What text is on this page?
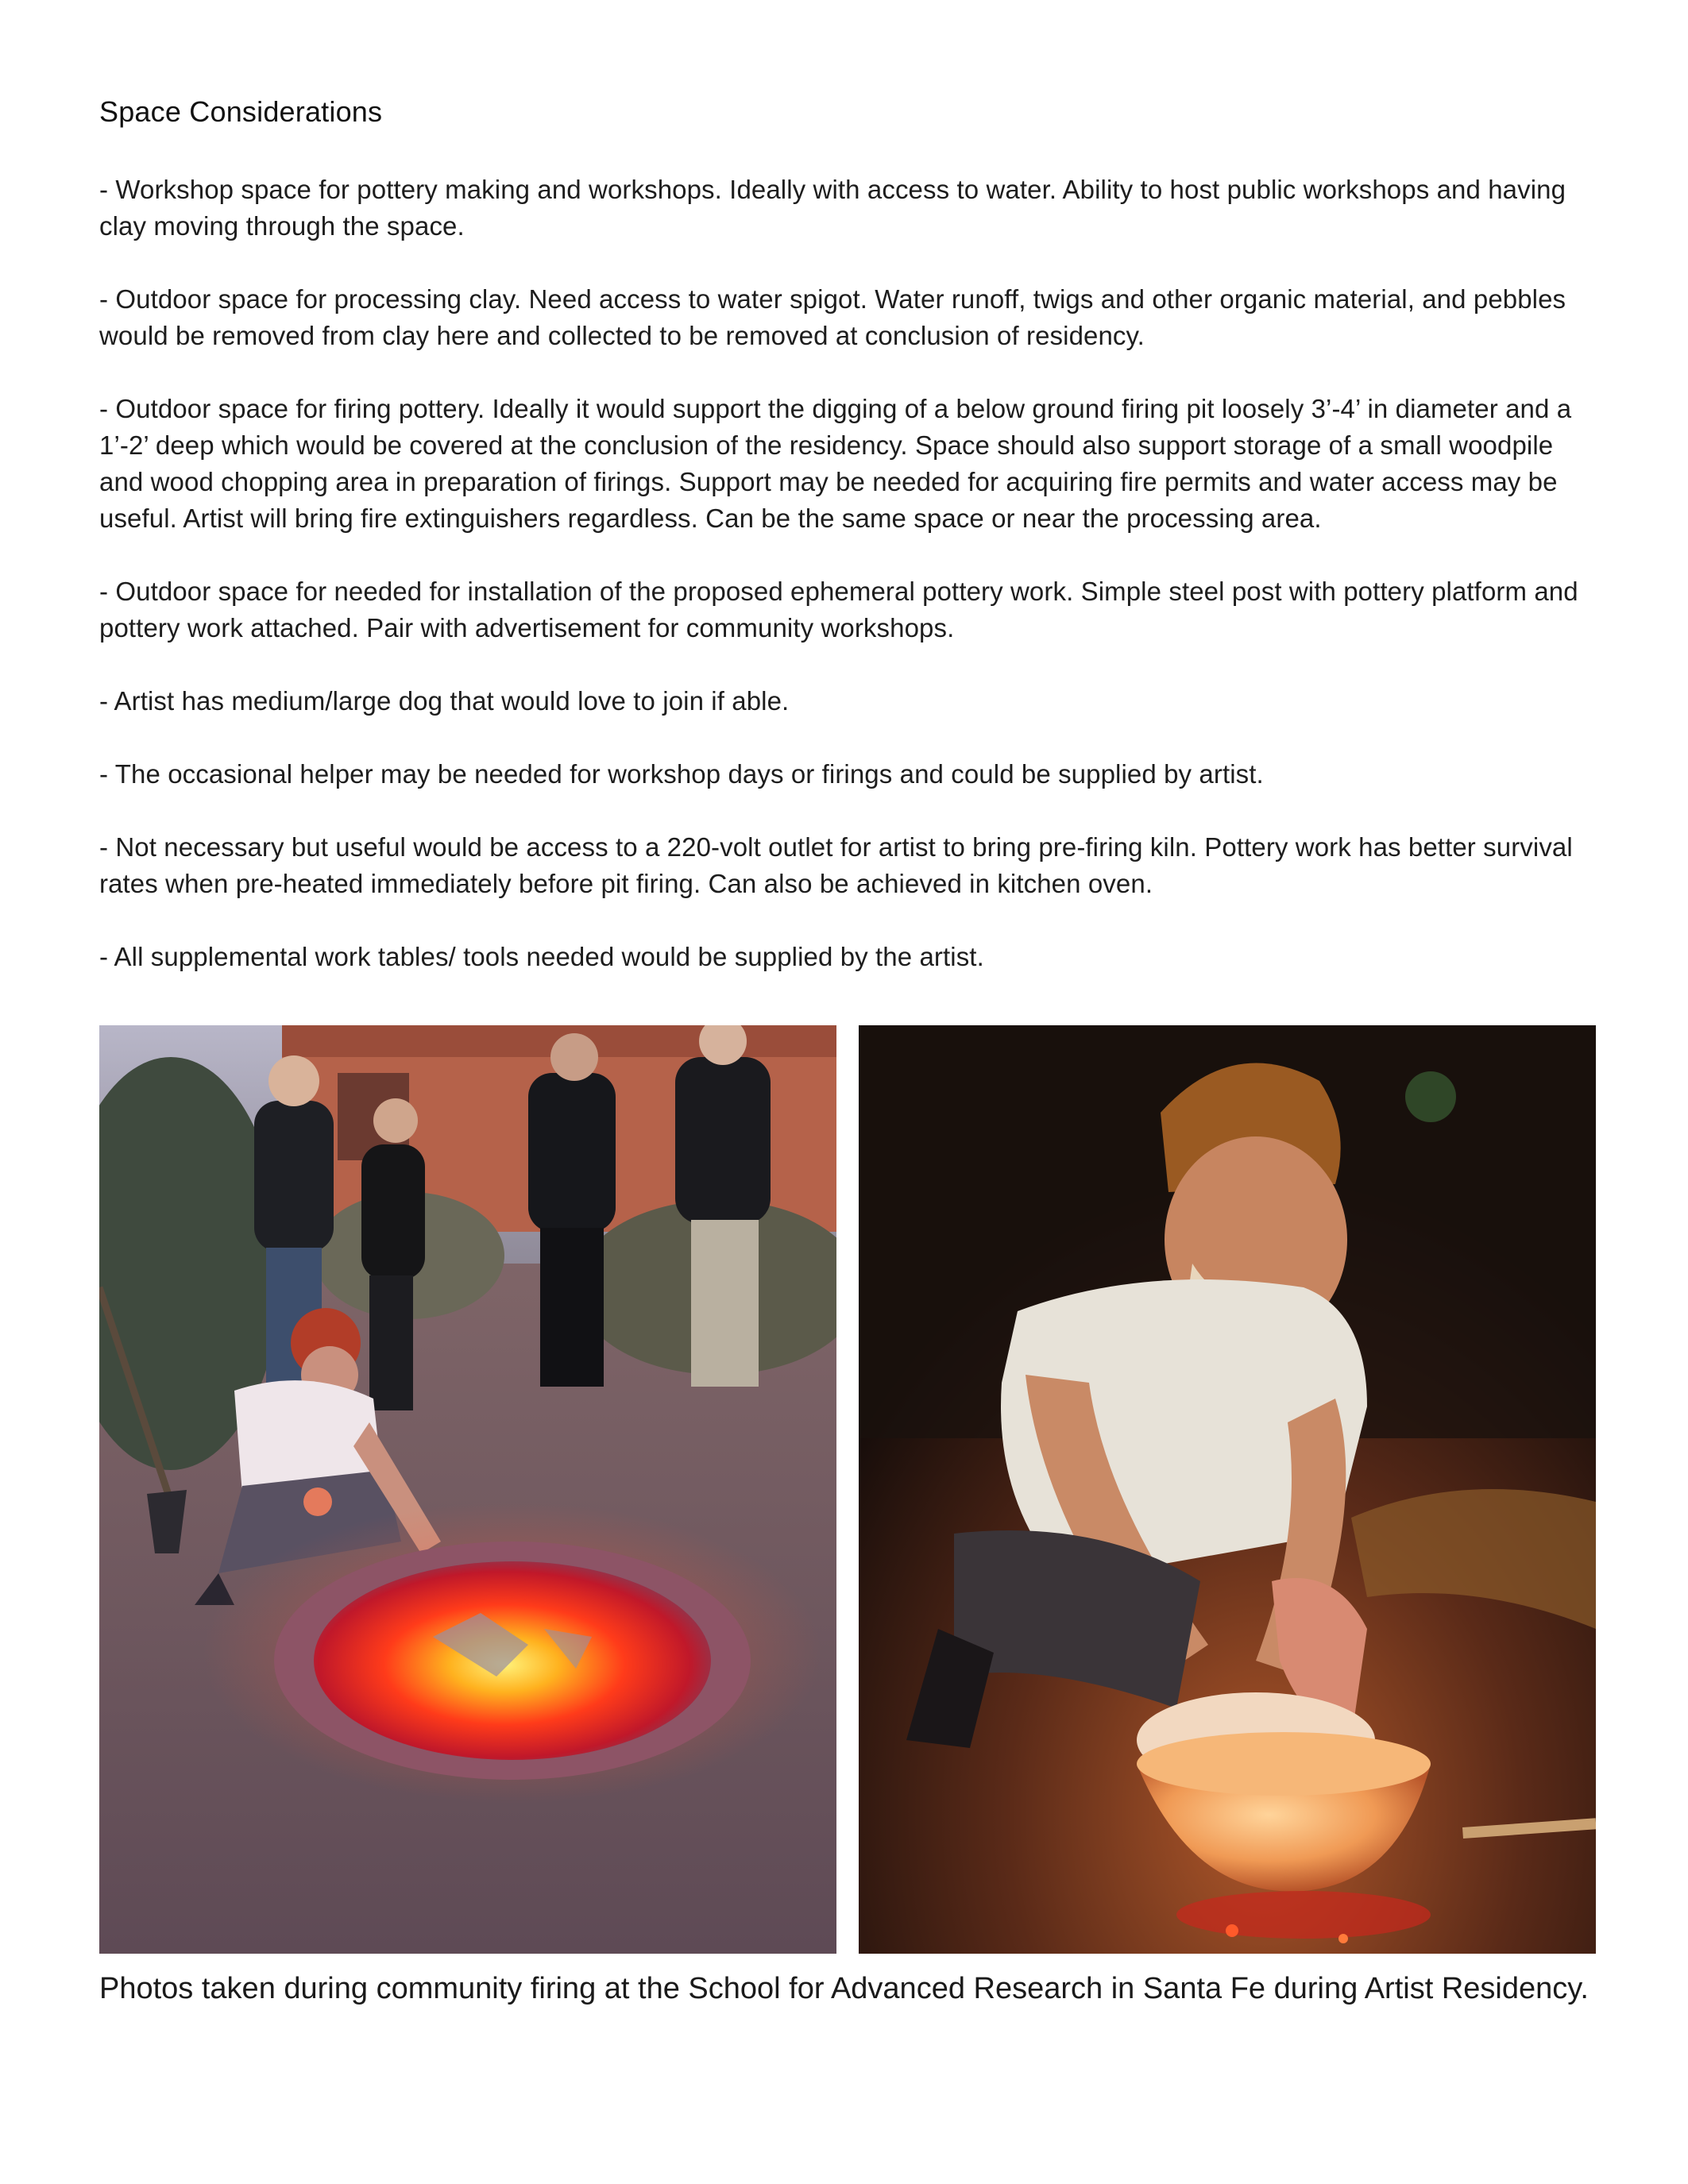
Space Considerations
- Workshop space for pottery making and workshops. Ideally with access to water. Ability to host public workshops and having clay moving through the space.
- Outdoor space for processing clay. Need access to water spigot. Water runoff, twigs and other organic material, and pebbles would be removed from clay here and collected to be removed at conclusion of residency.
- Outdoor space for firing pottery. Ideally it would support the digging of a below ground firing pit loosely 3’-4’ in diameter and a 1’-2’ deep which would be covered at the conclusion of the residency. Space should also support storage of a small woodpile and wood chopping area in preparation of firings. Support may be needed for acquiring fire permits and water access may be useful. Artist will bring fire extinguishers regardless. Can be the same space or near the processing area.
- Outdoor space for needed for installation of the proposed ephemeral pottery work. Simple steel post with pottery platform and pottery work attached. Pair with advertisement for community workshops.
- Artist has medium/large dog that would love to join if able.
- The occasional helper may be needed for workshop days or firings and could be supplied by artist.
- Not necessary but useful would be access to a 220-volt outlet for artist to bring pre-firing kiln. Pottery work has better survival rates when pre-heated immediately before pit firing. Can also be achieved in kitchen oven.
- All supplemental work tables/ tools needed would be supplied by the artist.
Photos taken during community firing at the School for Advanced Research in Santa Fe during Artist Residency.
